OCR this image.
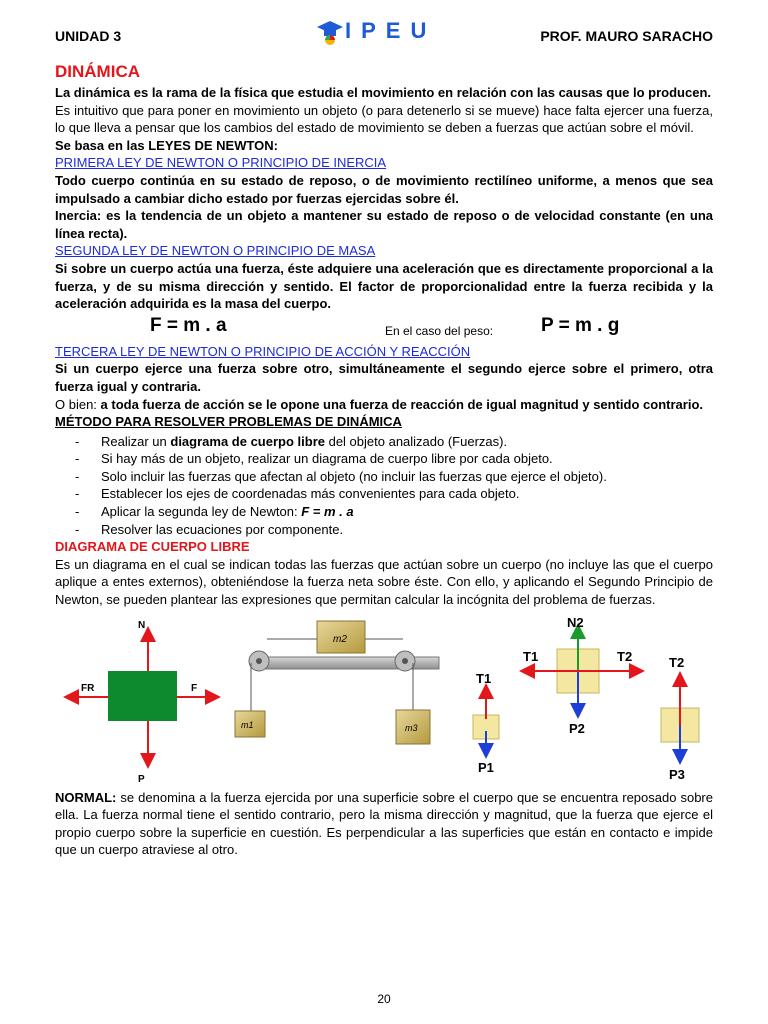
UNIDAD 3	IPEU	PROF. MAURO SARACHO
DINÁMICA

La dinámica es la rama de la física que estudia el movimiento en relación con las causas que lo producen.

Es intuitivo que para poner en movimiento un objeto (o para detenerlo si se mueve) hace falta ejercer una fuerza, lo que lleva a pensar que los cambios del estado de movimiento se deben a fuerzas que actúan sobre el móvil.

Se basa en las LEYES DE NEWTON:

PRIMERA LEY DE NEWTON O PRINCIPIO DE INERCIA

Todo cuerpo continúa en su estado de reposo, o de movimiento rectilíneo uniforme, a menos que sea impulsado a cambiar dicho estado por fuerzas ejercidas sobre él.

Inercia: es la tendencia de un objeto a mantener su estado de reposo o de velocidad constante (en una línea recta).

SEGUNDA LEY DE NEWTON O PRINCIPIO DE MASA

Si sobre un cuerpo actúa una fuerza, éste adquiere una aceleración que es directamente proporcional a la fuerza, y de su misma dirección y sentido. El factor de proporcionalidad entre la fuerza recibida y la aceleración adquirida es la masa del cuerpo.

F = m . a	En el caso del peso:	P = m . g

TERCERA LEY DE NEWTON O PRINCIPIO DE ACCIÓN Y REACCIÓN

Si un cuerpo ejerce una fuerza sobre otro, simultáneamente el segundo ejerce sobre el primero, otra fuerza igual y contraria.

O bien: a toda fuerza de acción se le opone una fuerza de reacción de igual magnitud y sentido contrario.

MÉTODO PARA RESOLVER PROBLEMAS DE DINÁMICA

- Realizar un diagrama de cuerpo libre del objeto analizado (Fuerzas).
- Si hay más de un objeto, realizar un diagrama de cuerpo libre por cada objeto.
- Solo incluir las fuerzas que afectan al objeto (no incluir las fuerzas que ejerce el objeto).
- Establecer los ejes de coordenadas más convenientes para cada objeto.
- Aplicar la segunda ley de Newton: F = m . a
- Resolver las ecuaciones por componente.

DIAGRAMA DE CUERPO LIBRE

Es un diagrama en el cual se indican todas las fuerzas que actúan sobre un cuerpo (no incluye las que el cuerpo aplique a entes externos), obteniéndose la fuerza neta sobre éste. Con ello, y aplicando el Segundo Principio de Newton, se pueden plantear las expresiones que permitan calcular la incógnita del problema de fuerzas.

N
F
FR
P
m2
m1	m3
T1
P1
N2
T1	T2
P2
T2
P3

NORMAL: se denomina a la fuerza ejercida por una superficie sobre el cuerpo que se encuentra reposado sobre ella. La fuerza normal tiene el sentido contrario, pero la misma dirección y magnitud, que la fuerza que ejerce el propio cuerpo sobre la superficie en cuestión. Es perpendicular a las superficies que están en contacto e impide que un cuerpo atraviese al otro.

20
